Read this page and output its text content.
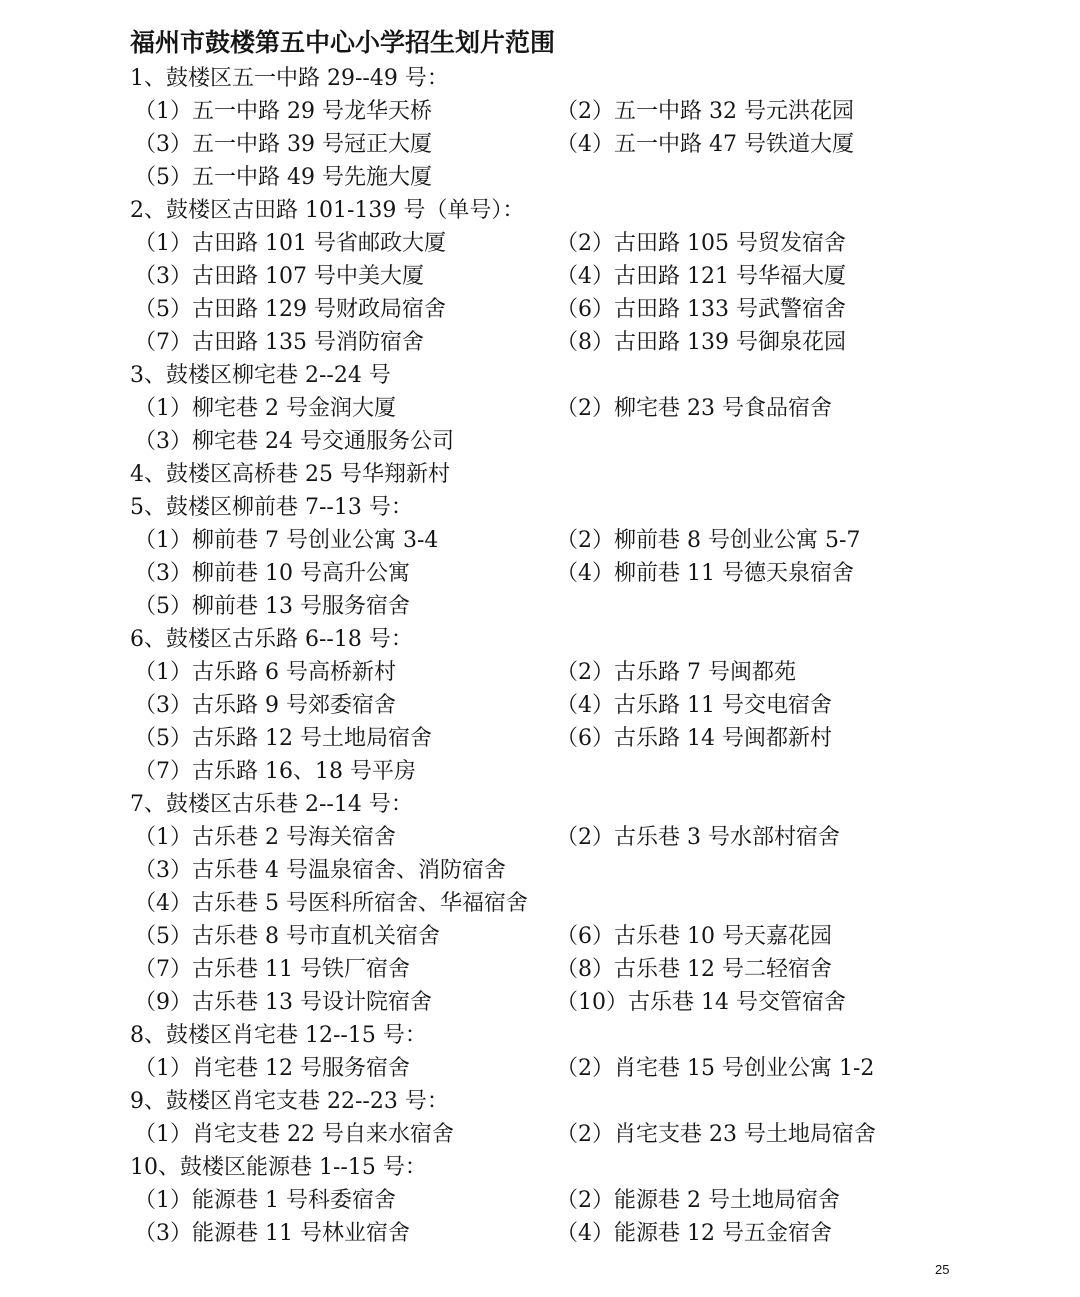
福州市鼓楼第五中心小学招生划片范围
1、鼓楼区五一中路 29--49 号：
（1）五一中路 29 号龙华天桥	（2）五一中路 32 号元洪花园
（3）五一中路 39 号冠正大厦	（4）五一中路 47 号铁道大厦
（5）五一中路 49 号先施大厦
2、鼓楼区古田路 101-139 号（单号）：
（1）古田路 101 号省邮政大厦	（2）古田路 105 号贸发宿舍
（3）古田路 107 号中美大厦	（4）古田路 121 号华福大厦
（5）古田路 129 号财政局宿舍	（6）古田路 133 号武警宿舍
（7）古田路 135 号消防宿舍	（8）古田路 139 号御泉花园
3、鼓楼区柳宅巷 2--24 号
（1）柳宅巷 2 号金润大厦	（2）柳宅巷 23 号食品宿舍
（3）柳宅巷 24 号交通服务公司
4、鼓楼区高桥巷 25 号华翔新村
5、鼓楼区柳前巷 7--13 号：
（1）柳前巷 7 号创业公寓 3-4	（2）柳前巷 8 号创业公寓 5-7
（3）柳前巷 10 号高升公寓	（4）柳前巷 11 号德天泉宿舍
（5）柳前巷 13 号服务宿舍
6、鼓楼区古乐路 6--18 号：
（1）古乐路 6 号高桥新村	（2）古乐路 7 号闽都苑
（3）古乐路 9 号郊委宿舍	（4）古乐路 11 号交电宿舍
（5）古乐路 12 号土地局宿舍	（6）古乐路 14 号闽都新村
（7）古乐路 16、18 号平房
7、鼓楼区古乐巷 2--14 号：
（1）古乐巷 2 号海关宿舍	（2）古乐巷 3 号水部村宿舍
（3）古乐巷 4 号温泉宿舍、消防宿舍
（4）古乐巷 5 号医科所宿舍、华福宿舍
（5）古乐巷 8 号市直机关宿舍	（6）古乐巷 10 号天嘉花园
（7）古乐巷 11 号铁厂宿舍	（8）古乐巷 12 号二轻宿舍
（9）古乐巷 13 号设计院宿舍	（10）古乐巷 14 号交管宿舍
8、鼓楼区肖宅巷 12--15 号：
（1）肖宅巷 12 号服务宿舍	（2）肖宅巷 15 号创业公寓 1-2
9、鼓楼区肖宅支巷 22--23 号：
（1）肖宅支巷 22 号自来水宿舍	（2）肖宅支巷 23 号土地局宿舍
10、鼓楼区能源巷 1--15 号：
（1）能源巷 1 号科委宿舍	（2）能源巷 2 号土地局宿舍
（3）能源巷 11 号林业宿舍	（4）能源巷 12 号五金宿舍
25
